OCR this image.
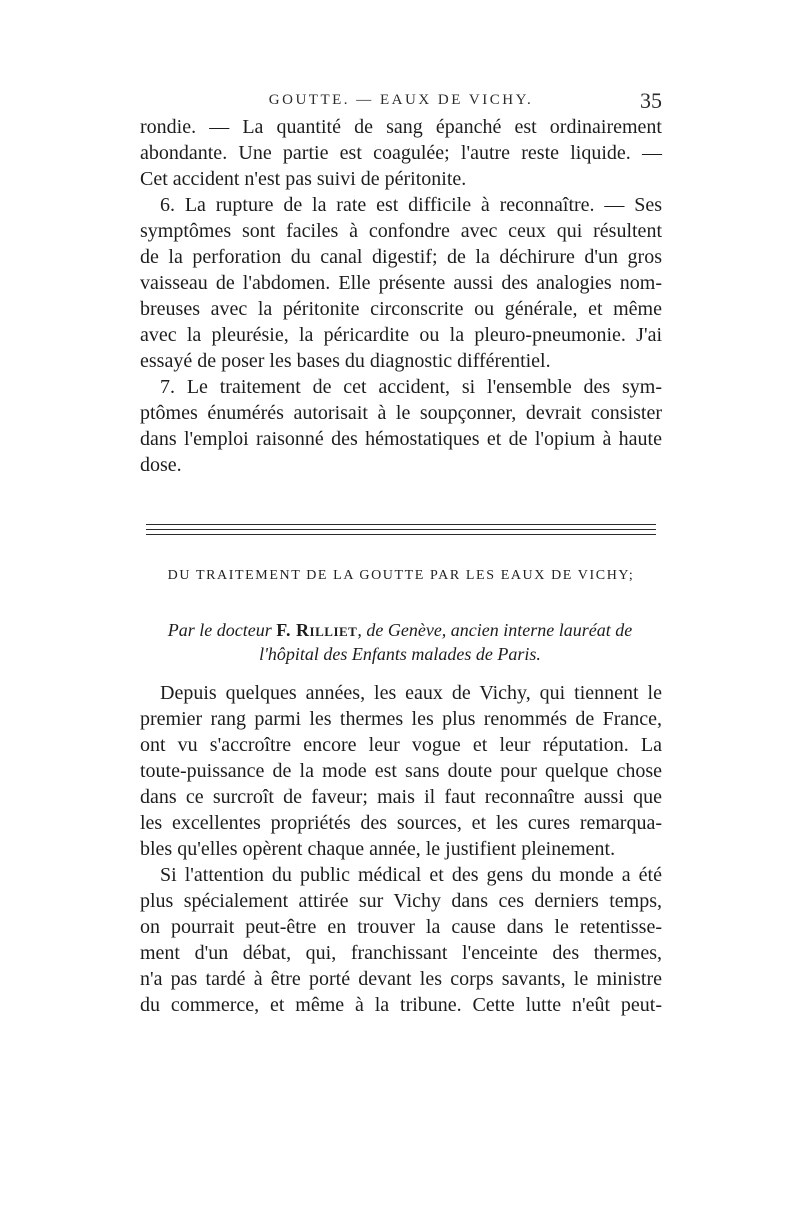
GOUTTE. — EAUX DE VICHY.	35
rondie. — La quantité de sang épanché est ordinairement
abondante. Une partie est coagulée; l'autre reste liquide. —
Cet accident n'est pas suivi de péritonite.
6. La rupture de la rate est difficile à reconnaître. — Ses
symptômes sont faciles à confondre avec ceux qui résultent
de la perforation du canal digestif; de la déchirure d'un gros
vaisseau de l'abdomen. Elle présente aussi des analogies nom-
breuses avec la péritonite circonscrite ou générale, et même
avec la pleurésie, la péricardite ou la pleuro-pneumonie. J'ai
essayé de poser les bases du diagnostic différentiel.
7. Le traitement de cet accident, si l'ensemble des sym-
ptômes énumérés autorisait à le soupçonner, devrait consister
dans l'emploi raisonné des hémostatiques et de l'opium à haute
dose.
DU TRAITEMENT DE LA GOUTTE PAR LES EAUX DE VICHY;
Par le docteur F. Rilliet, de Genève, ancien interne lauréat de
l'hôpital des Enfants malades de Paris.
Depuis quelques années, les eaux de Vichy, qui tiennent le
premier rang parmi les thermes les plus renommés de France,
ont vu s'accroître encore leur vogue et leur réputation. La
toute-puissance de la mode est sans doute pour quelque chose
dans ce surcroît de faveur; mais il faut reconnaître aussi que
les excellentes propriétés des sources, et les cures remarqua-
bles qu'elles opèrent chaque année, le justifient pleinement.
Si l'attention du public médical et des gens du monde a été
plus spécialement attirée sur Vichy dans ces derniers temps,
on pourrait peut-être en trouver la cause dans le retentisse-
ment d'un débat, qui, franchissant l'enceinte des thermes,
n'a pas tardé à être porté devant les corps savants, le ministre
du commerce, et même à la tribune. Cette lutte n'eût peut-
